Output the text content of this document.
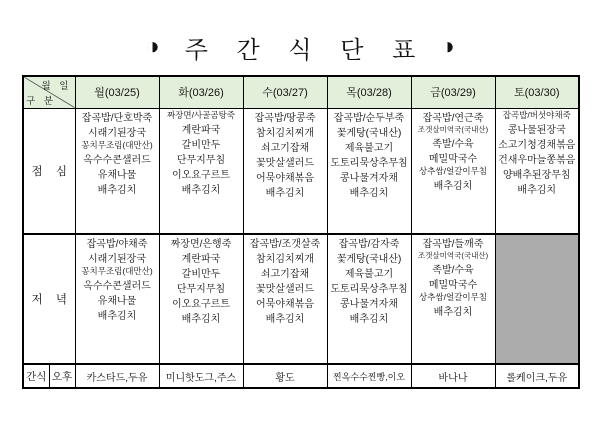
◑	주 간 식 단 표 ◑
월 일
구 분		월(03/25)	화(03/26)	수(03/27)	목(03/28)	금(03/29)	토(03/30)
점 심	
잡곡밥/단호박죽
시래기된장국
꽁치무조림(대만산)
옥수수콘샐러드
유채나물
배추김치

짜장면/사골곰탕죽
계란파국
갈비만두
단무지무침
이오요구르트
배추김치

잡곡밥/땅콩죽
참치김치찌개
쇠고기잡채
꽃맛살샐러드
어묵야채볶음
배추김치

잡곡밥/순두부죽
꽃게탕(국내산)
제육불고기
도토리묵상추무침
콩나물겨자채
배추김치

잡곡밥/연근죽
조갯살미역국(국내산)
족발/수육
메밀막국수
상추쌈/얼갈이무침
배추김치

잡곡밥/버섯야채죽
콩나물된장국
소고기청경채볶음
건새우마늘쫑볶음
양배추된장무침
배추김치

저 녁	
잡곡밥/야채죽
시래기된장국
꽁치무조림(대만산)
옥수수콘샐러드
유채나물
배추김치

짜장면/은행죽
계란파국
갈비만두
단무지무침
이오요구르트
배추김치

잡곡밥/조갯살죽
참치김치찌개
쇠고기잡채
꽃맛살샐러드
어묵야채볶음
배추김치

잡곡밥/감자죽
꽃게탕(국내산)
제육불고기
도토리묵상추무침
콩나물겨자채
배추김치

잡곡밥/들깨죽
조갯살미역국(국내산)
족발/수육
메밀막국수
상추쌈/얼갈이무침
배추김치

간식	오후	카스타드,두유	미니핫도그,주스	황도	찐옥수수찐빵,이오	바나나	롤케이크,두유
